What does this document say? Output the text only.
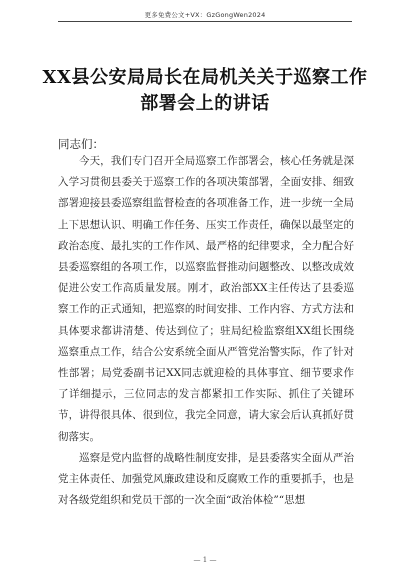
更多免费公文+VX：GzGongWen2024
XX县公安局局长在局机关关于巡察工作部署会上的讲话
同志们：

今天，我们专门召开全局巡察工作部署会，核心任务就是深入学习贯彻县委关于巡察工作的各项决策部署，全面安排、细致部署迎接县委巡察组监督检查的各项准备工作，进一步统一全局上下思想认识、明确工作任务、压实工作责任，确保以最坚定的政治态度、最扎实的工作作风、最严格的纪律要求，全力配合好县委巡察组的各项工作，以巡察监督推动问题整改、以整改成效促进公安工作高质量发展。刚才，政治部XX主任传达了县委巡察工作的正式通知，把巡察的时间安排、工作内容、方式方法和具体要求都讲清楚、传达到位了；驻局纪检监察组XX组长围绕巡察重点工作，结合公安系统全面从严管党治警实际，作了针对性部署；局党委副书记XX同志就迎检的具体事宜、细节要求作了详细提示，三位同志的发言都紧扣工作实际、抓住了关键环节，讲得很具体、很到位，我完全同意，请大家会后认真抓好贯彻落实。

巡察是党内监督的战略性制度安排，是县委落实全面从严治党主体责任、加强党风廉政建设和反腐败工作的重要抓手，也是对各级党组织和党员干部的一次全面“政治体检”“思想

— 1 —
